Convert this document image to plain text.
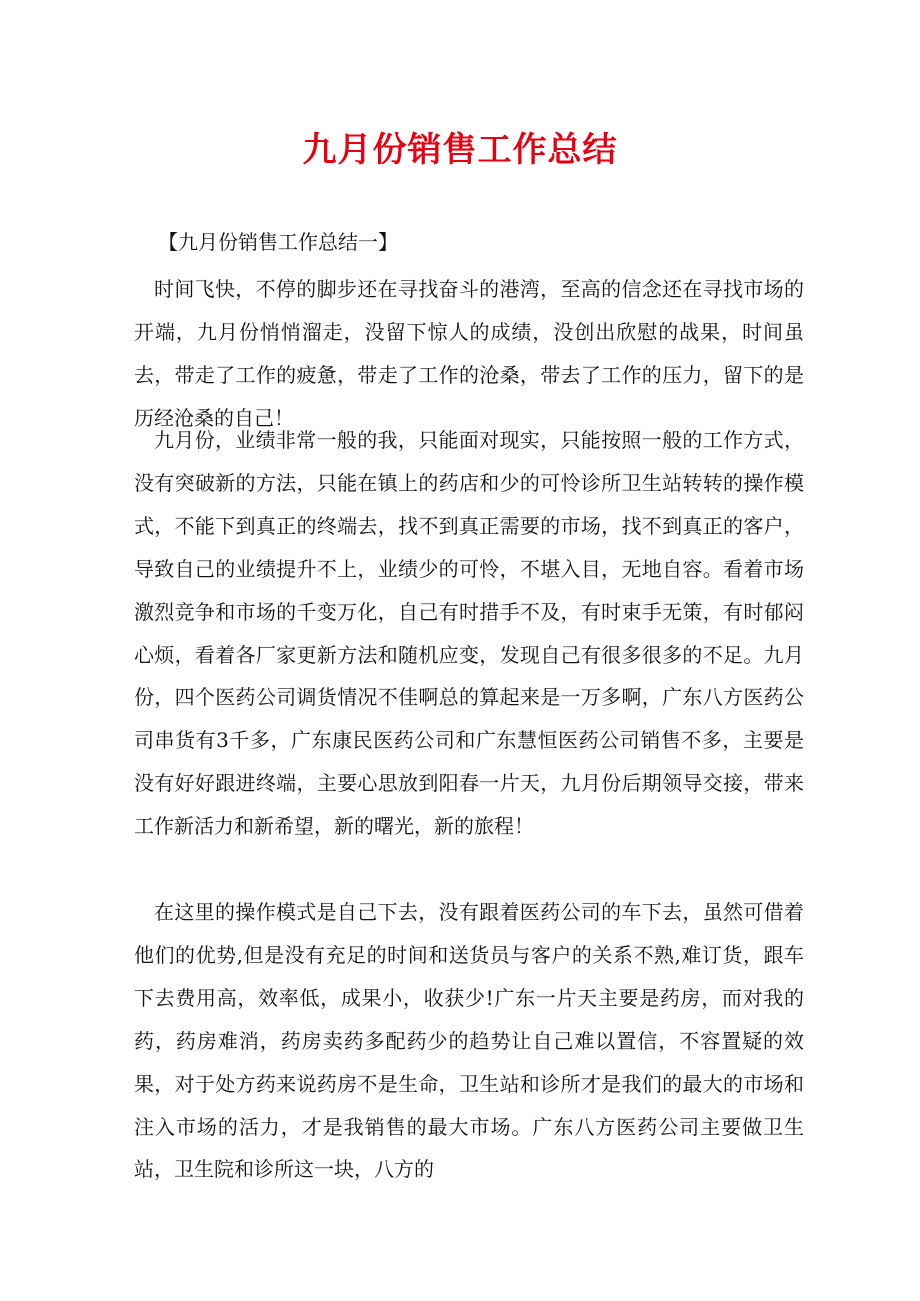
九月份销售工作总结
【九月份销售工作总结一】
时间飞快，不停的脚步还在寻找奋斗的港湾，至高的信念还在寻找市场的开端，九月份悄悄溜走，没留下惊人的成绩，没创出欣慰的战果，时间虽去，带走了工作的疲惫，带走了工作的沧桑，带去了工作的压力，留下的是历经沧桑的自己！
九月份，业绩非常一般的我，只能面对现实，只能按照一般的工作方式，没有突破新的方法，只能在镇上的药店和少的可怜诊所卫生站转转的操作模式，不能下到真正的终端去，找不到真正需要的市场，找不到真正的客户，导致自己的业绩提升不上，业绩少的可怜，不堪入目，无地自容。看着市场激烈竞争和市场的千变万化，自己有时措手不及，有时束手无策，有时郁闷心烦，看着各厂家更新方法和随机应变，发现自己有很多很多的不足。九月份，四个医药公司调货情况不佳啊总的算起来是一万多啊，广东八方医药公司串货有3千多，广东康民医药公司和广东慧恒医药公司销售不多，主要是没有好好跟进终端，主要心思放到阳春一片天，九月份后期领导交接，带来工作新活力和新希望，新的曙光，新的旅程！
在这里的操作模式是自己下去，没有跟着医药公司的车下去，虽然可借着他们的优势,但是没有充足的时间和送货员与客户的关系不熟,难订货，跟车下去费用高，效率低，成果小，收获少!广东一片天主要是药房，而对我的药，药房难消，药房卖药多配药少的趋势让自己难以置信，不容置疑的效果，对于处方药来说药房不是生命，卫生站和诊所才是我们的最大的市场和注入市场的活力，才是我销售的最大市场。广东八方医药公司主要做卫生站，卫生院和诊所这一块，八方的
